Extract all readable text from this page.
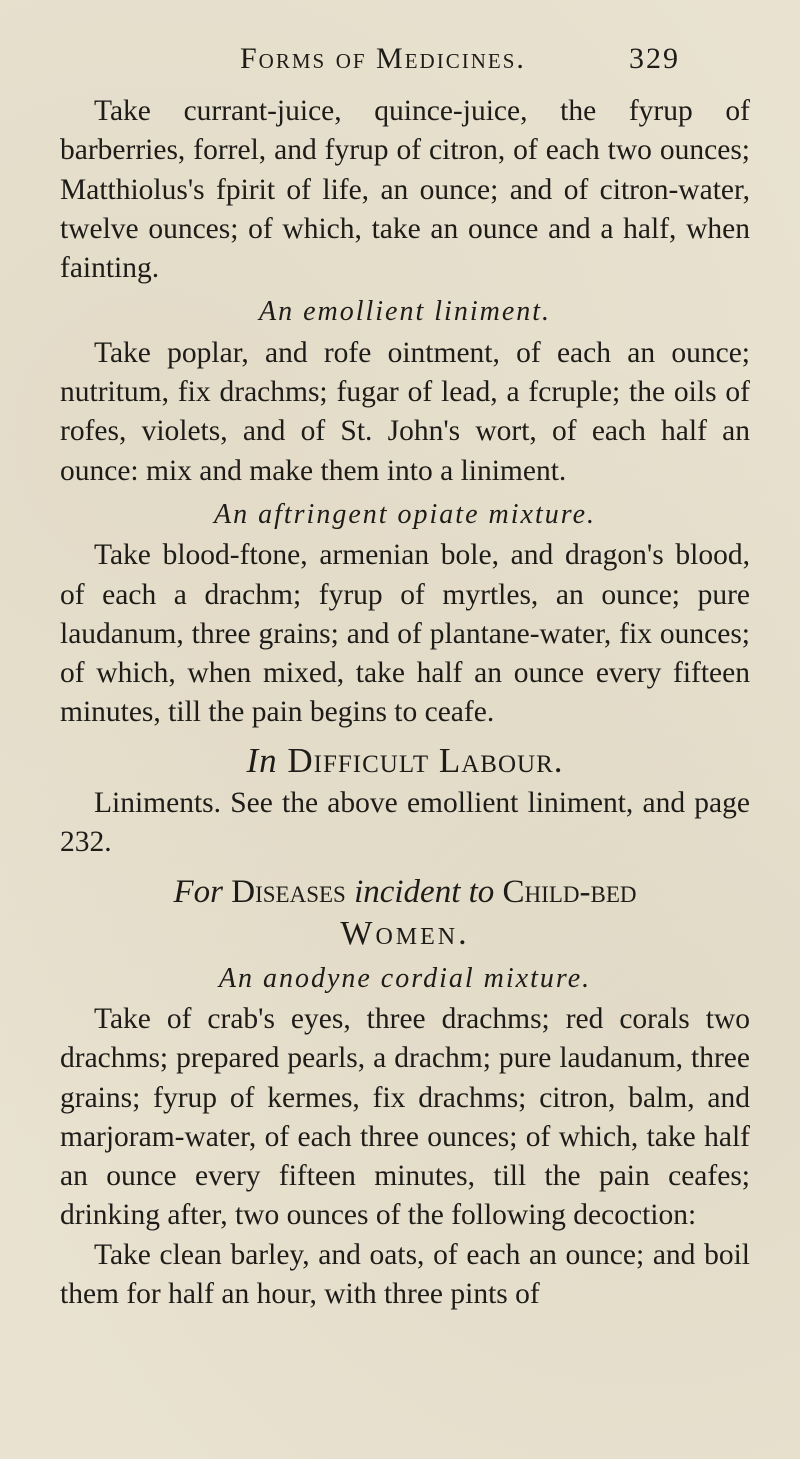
Forms of Medicines.	329

Take currant-juice, quince-juice, the fyrup of barberries, forrel, and fyrup of citron, of each two ounces; Matthiolus's fpirit of life, an ounce; and of citron-water, twelve ounces; of which, take an ounce and a half, when fainting.

An emollient liniment.

Take poplar, and rofe ointment, of each an ounce; nutritum, fix drachms; fugar of lead, a fcruple; the oils of rofes, violets, and of St. John's wort, of each half an ounce: mix and make them into a liniment.

An aftringent opiate mixture.

Take blood-ftone, armenian bole, and dragon's blood, of each a drachm; fyrup of myrtles, an ounce; pure laudanum, three grains; and of plantane-water, fix ounces; of which, when mixed, take half an ounce every fifteen minutes, till the pain begins to ceafe.

In Difficult Labour.

Liniments. See the above emollient liniment, and page 232.

For Diseases incident to Child-bed
Women.
An anodyne cordial mixture.

Take of crab's eyes, three drachms; red corals two drachms; prepared pearls, a drachm; pure laudanum, three grains; fyrup of kermes, fix drachms; citron, balm, and marjoram-water, of each three ounces; of which, take half an ounce every fifteen minutes, till the pain ceafes; drinking after, two ounces of the following decoction:

Take clean barley, and oats, of each an ounce; and boil them for half an hour, with three pints of
